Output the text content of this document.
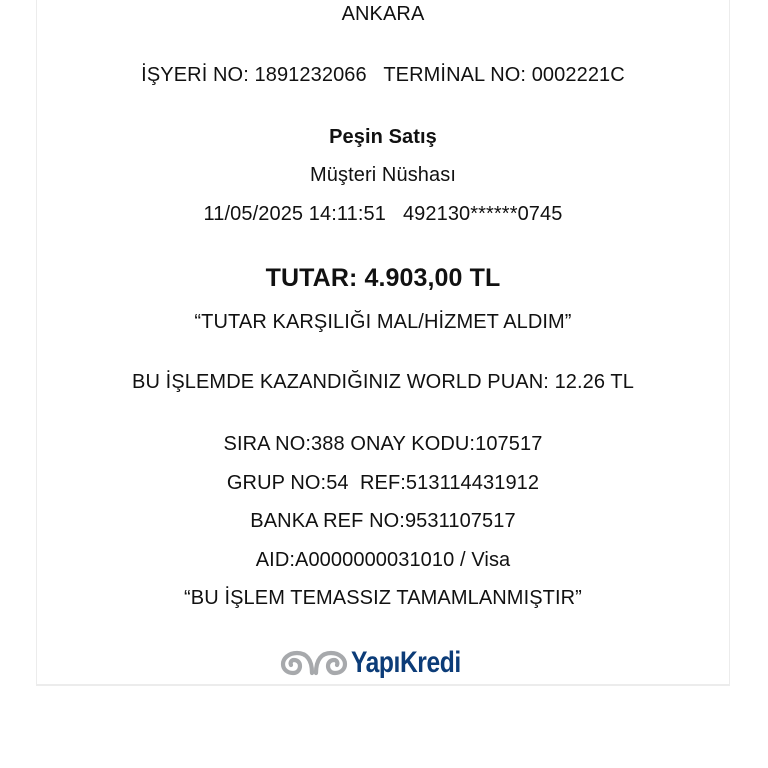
ANKARA
İŞYERİ NO: 1891232066   TERMİNAL NO: 0002221C
Peşin Satış
Müşteri Nüshası
11/05/2025 14:11:51   492130******0745
TUTAR: 4.903,00 TL
“TUTAR KARŞILIĞI MAL/HİZMET ALDIM”
BU İŞLEMDE KAZANDIĞINIZ WORLD PUAN: 12.26 TL
SIRA NO:388 ONAY KODU:107517
GRUP NO:54  REF:513114431912
BANKA REF NO:9531107517
AID:A0000000031010 / Visa
“BU İŞLEM TEMASSIZ TAMAMLANMIŞTIR”
YapıKredi
